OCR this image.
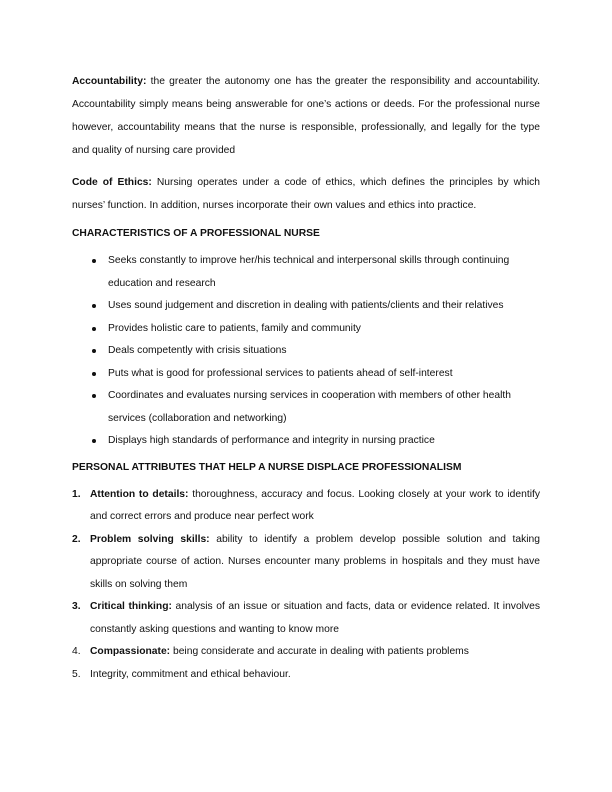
Accountability: the greater the autonomy one has the greater the responsibility and accountability. Accountability simply means being answerable for one’s actions or deeds. For the professional nurse however, accountability means that the nurse is responsible, professionally, and legally for the type and quality of nursing care provided

Code of Ethics: Nursing operates under a code of ethics, which defines the principles by which nurses’ function. In addition, nurses incorporate their own values and ethics into practice.

CHARACTERISTICS OF A PROFESSIONAL NURSE
Seeks constantly to improve her/his technical and interpersonal skills through continuing education and research
Uses sound judgement and discretion in dealing with patients/clients and their relatives
Provides holistic care to patients, family and community
Deals competently with crisis situations
Puts what is good for professional services to patients ahead of self-interest
Coordinates and evaluates nursing services in cooperation with members of other health services (collaboration and networking)
Displays high standards of performance and integrity in nursing practice
PERSONAL ATTRIBUTES THAT HELP A NURSE DISPLACE PROFESSIONALISM
1. Attention to details: thoroughness, accuracy and focus. Looking closely at your work to identify and correct errors and produce near perfect work
2. Problem solving skills: ability to identify a problem develop possible solution and taking appropriate course of action. Nurses encounter many problems in hospitals and they must have skills on solving them
3. Critical thinking: analysis of an issue or situation and facts, data or evidence related. It involves constantly asking questions and wanting to know more
4. Compassionate: being considerate and accurate in dealing with patients problems
5. Integrity, commitment and ethical behaviour.
